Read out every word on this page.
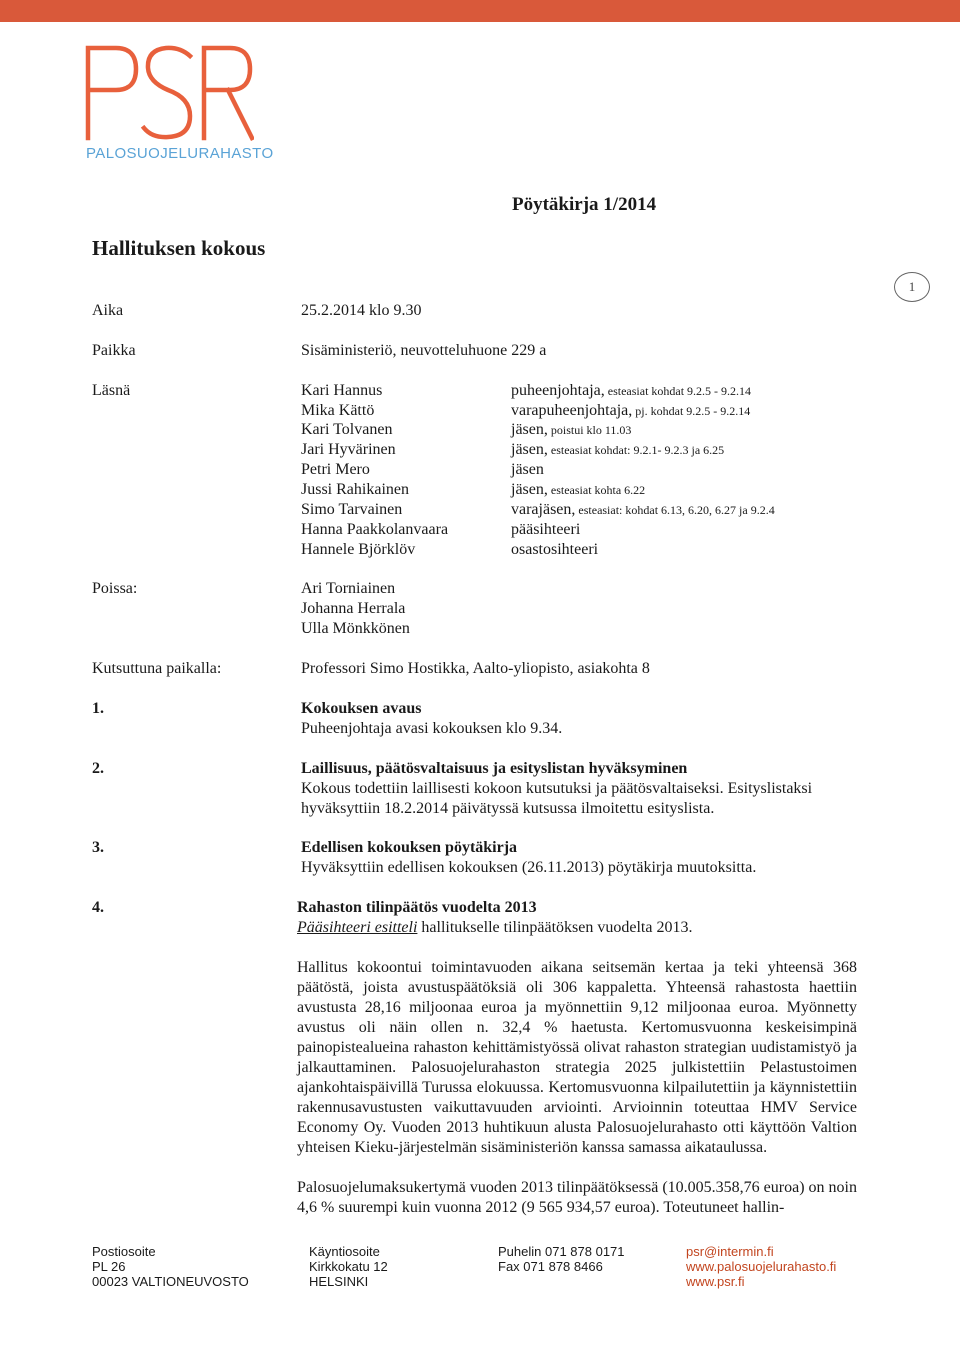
PALOSUOJELURAHASTO
Pöytäkirja 1/2014
Hallituksen kokous
1
Aika	25.2.2014 klo 9.30
Paikka	Sisäministeriö, neuvotteluhuone 229 a
Läsnä	Kari Hannus	puheenjohtaja, esteasiat kohdat 9.2.5 - 9.2.14
Mika Kättö	varapuheenjohtaja, pj. kohdat 9.2.5 - 9.2.14
Kari Tolvanen	jäsen, poistui klo 11.03
Jari Hyvärinen	jäsen, esteasiat kohdat: 9.2.1- 9.2.3 ja 6.25
Petri Mero	jäsen
Jussi Rahikainen	jäsen, esteasiat kohta 6.22
Simo Tarvainen	varajäsen, esteasiat: kohdat 6.13, 6.20, 6.27 ja 9.2.4
Hanna Paakkolanvaara	pääsihteeri
Hannele Björklöv	osastosihteeri
Poissa:	Ari Torniainen
Johanna Herrala
Ulla Mönkkönen
Kutsuttuna paikalla:	Professori Simo Hostikka, Aalto-yliopisto, asiakohta 8
1.	Kokouksen avaus
Puheenjohtaja avasi kokouksen klo 9.34.
2.	Laillisuus, päätösvaltaisuus ja esityslistan hyväksyminen
Kokous todettiin laillisesti kokoon kutsutuksi ja päätösvaltaiseksi. Esityslistaksi
hyväksyttiin 18.2.2014 päivätyssä kutsussa ilmoitettu esityslista.
3.	Edellisen kokouksen pöytäkirja
Hyväksyttiin edellisen kokouksen (26.11.2013) pöytäkirja muutoksitta.
4.	Rahaston tilinpäätös vuodelta 2013
Pääsihteeri esitteli hallitukselle tilinpäätöksen vuodelta 2013.
Hallitus kokoontui toimintavuoden aikana seitsemän kertaa ja teki yhteensä 368 päätöstä, joista avustuspäätöksiä oli 306 kappaletta. Yhteensä rahastosta haettiin avustusta 28,16 miljoonaa euroa ja myönnettiin 9,12 miljoonaa euroa. Myönnetty avustus oli näin ollen n. 32,4 % haetusta. Kertomusvuonna keskeisimpinä painopistealueina rahaston kehittämistyössä olivat rahaston strategian uudistamistyö ja jalkauttaminen. Palosuojelurahaston strategia 2025 julkistettiin Pelastustoimen ajankohtaispäivillä Turussa elokuussa. Kertomusvuonna kilpailutettiin ja käynnistettiin rakennusavustusten vaikuttavuuden arviointi. Arvioinnin toteuttaa HMV Service Economy Oy. Vuoden 2013 huhtikuun alusta Palosuojelurahasto otti käyttöön Valtion yhteisen Kieku-järjestelmän sisäministeriön kanssa samassa aikataulussa.
Palosuojelumaksukertymä vuoden 2013 tilinpäätöksessä (10.005.358,76 euroa) on noin 4,6 % suurempi kuin vuonna 2012 (9 565 934,57 euroa). Toteutuneet hallin-
Postiosoite
PL 26
00023 VALTIONEUVOSTO
Käyntiosoite
Kirkkokatu 12
HELSINKI
Puhelin 071 878 0171
Fax 071 878 8466
psr@intermin.fi
www.palosuojelurahasto.fi
www.psr.fi
